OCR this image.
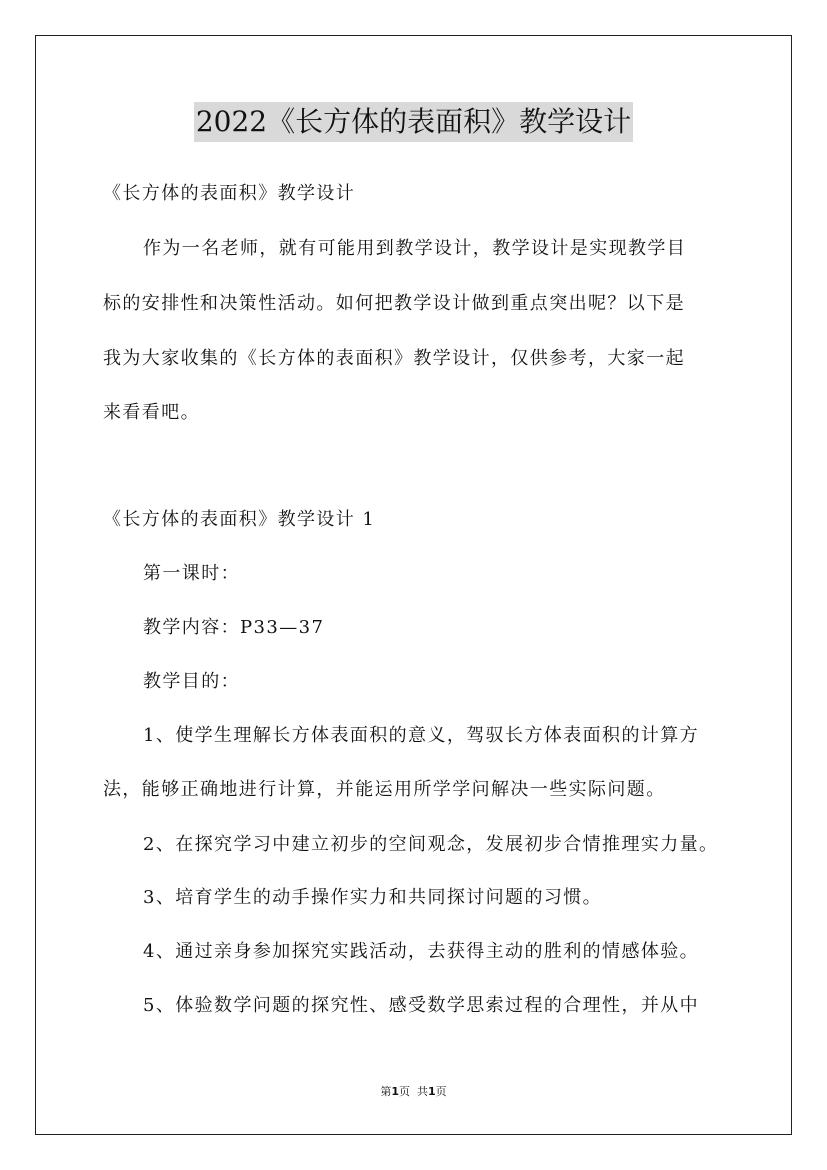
2022《长方体的表面积》教学设计
《长方体的表面积》教学设计
作为一名老师，就有可能用到教学设计，教学设计是实现教学目
标的安排性和决策性活动。如何把教学设计做到重点突出呢？以下是
我为大家收集的《长方体的表面积》教学设计，仅供参考，大家一起
来看看吧。
《长方体的表面积》教学设计 1
第一课时：
教学内容：P33—37
教学目的：
1、使学生理解长方体表面积的意义，驾驭长方体表面积的计算方
法，能够正确地进行计算，并能运用所学学问解决一些实际问题。
2、在探究学习中建立初步的空间观念，发展初步合情推理实力量。
3、培育学生的动手操作实力和共同探讨问题的习惯。
4、通过亲身参加探究实践活动，去获得主动的胜利的情感体验。
5、体验数学问题的探究性、感受数学思索过程的合理性，并从中
第1页  共1页
